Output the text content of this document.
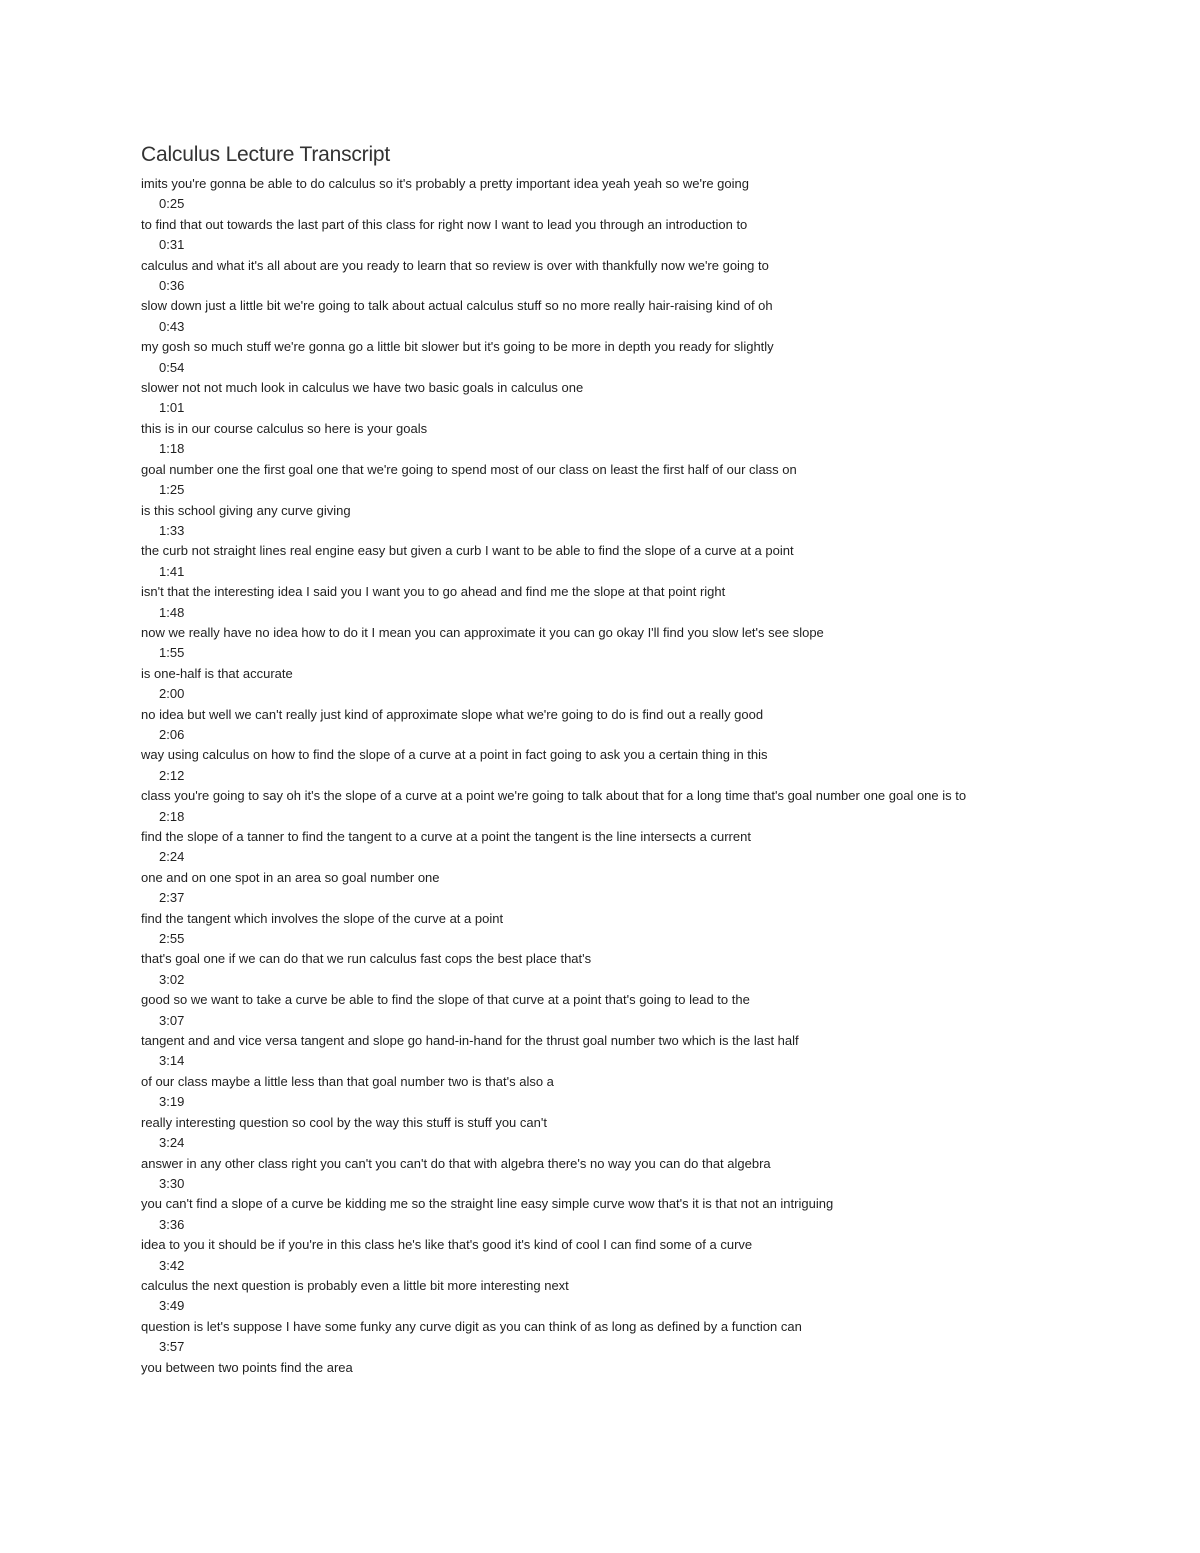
Calculus Lecture Transcript

imits you're gonna be able to do calculus so it's probably a pretty important idea yeah yeah so we're going

0:25

to find that out towards the last part of this class for right now I want to lead you through an introduction to

0:31

calculus and what it's all about are you ready to learn that so review is over with thankfully now we're going to

0:36

slow down just a little bit we're going to talk about actual calculus stuff so no more really hair-raising kind of oh

0:43

my gosh so much stuff we're gonna go a little bit slower but it's going to be more in depth you ready for slightly

0:54

slower not not much look in calculus we have two basic goals in calculus one

1:01

this is in our course calculus so here is your goals

1:18

goal number one the first goal one that we're going to spend most of our class on least the first half of our class on

1:25

is this school giving any curve giving

1:33

the curb not straight lines real engine easy but given a curb I want to be able to find the slope of a curve at a point

1:41

isn't that the interesting idea I said you I want you to go ahead and find me the slope at that point right

1:48

now we really have no idea how to do it I mean you can approximate it you can go okay I'll find you slow let's see slope

1:55

is one-half is that accurate

2:00

no idea but well we can't really just kind of approximate slope what we're going to do is find out a really good

2:06

way using calculus on how to find the slope of a curve at a point in fact going to ask you a certain thing in this

2:12

class you're going to say oh it's the slope of a curve at a point we're going to talk about that for a long time that's goal number one goal one is to

2:18

find the slope of a tanner to find the tangent to a curve at a point the tangent is the line intersects a current

2:24

one and on one spot in an area so goal number one

2:37

find the tangent which involves the slope of the curve at a point

2:55

that's goal one if we can do that we run calculus fast cops the best place that's

3:02

good so we want to take a curve be able to find the slope of that curve at a point that's going to lead to the

3:07

tangent and and vice versa tangent and slope go hand-in-hand for the thrust goal number two which is the last half

3:14

of our class maybe a little less than that goal number two is that's also a

3:19

really interesting question so cool by the way this stuff is stuff you can't

3:24

answer in any other class right you can't you can't do that with algebra there's no way you can do that algebra

3:30

you can't find a slope of a curve be kidding me so the straight line easy simple curve wow that's it is that not an intriguing

3:36

idea to you it should be if you're in this class he's like that's good it's kind of cool I can find some of a curve

3:42

calculus the next question is probably even a little bit more interesting next

3:49

question is let's suppose I have some funky any curve digit as you can think of as long as defined by a function can

3:57

you between two points find the area
